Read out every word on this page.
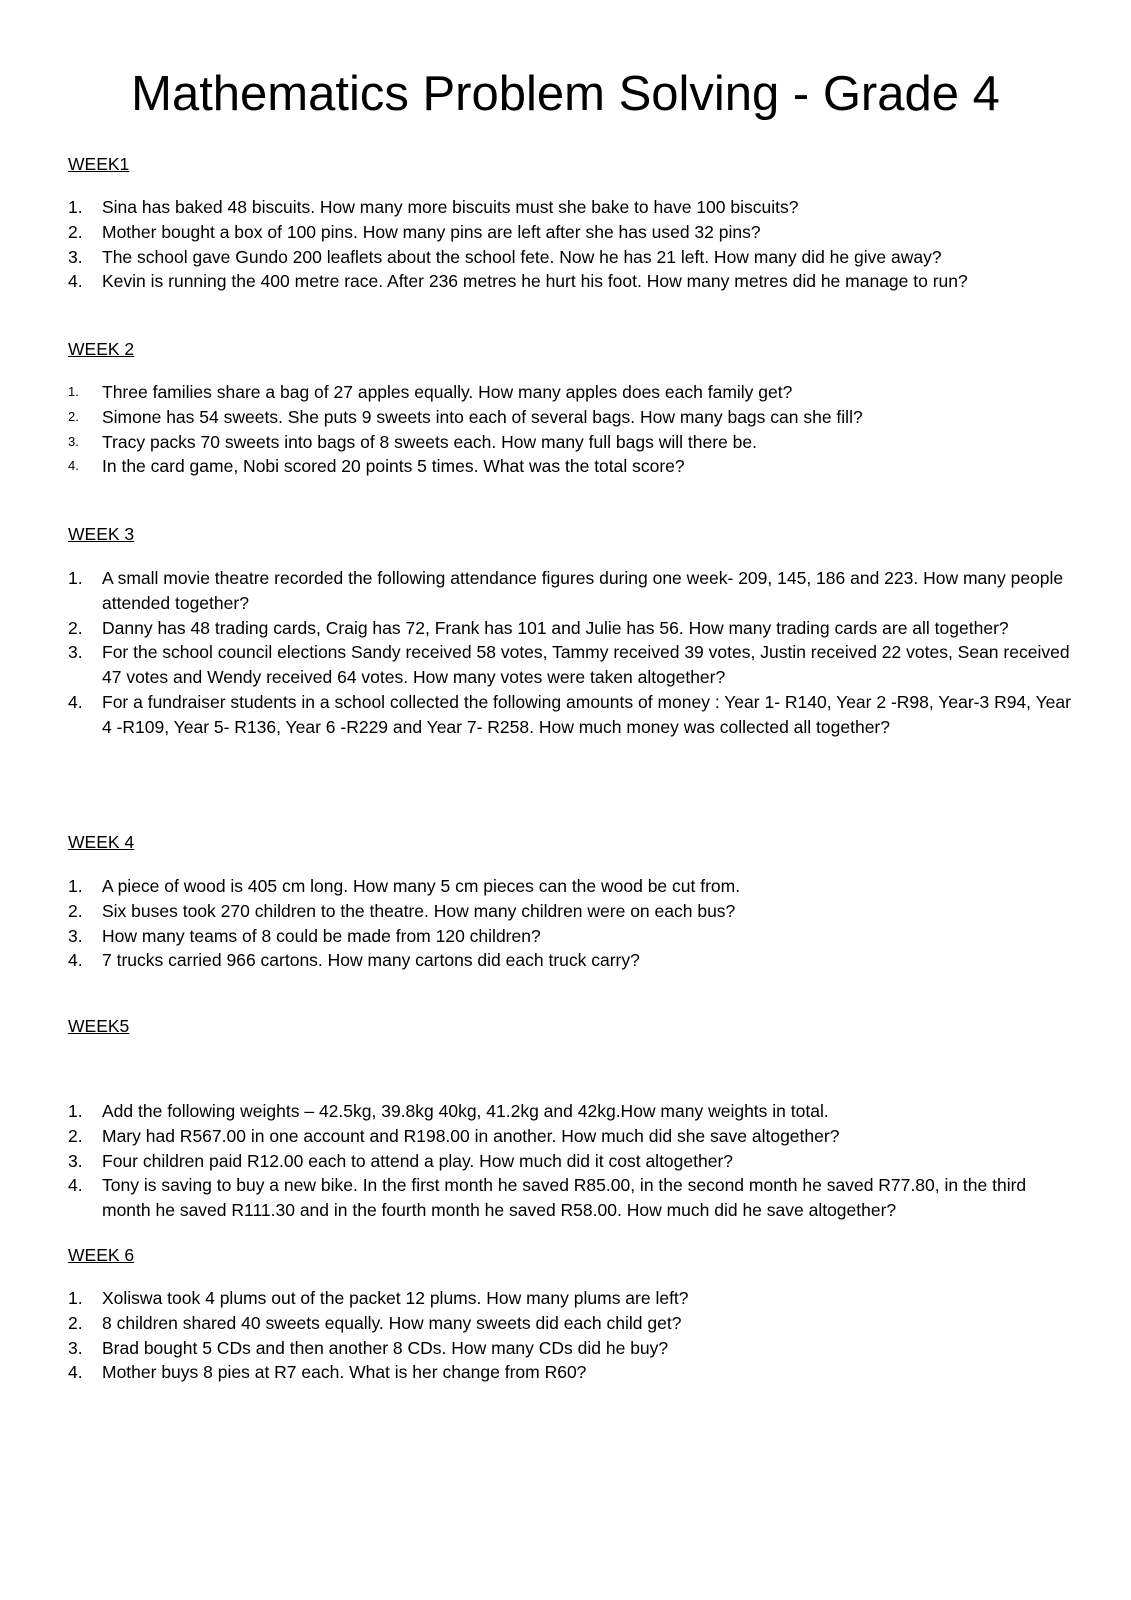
Mathematics Problem Solving - Grade 4

WEEK1

1. Sina has baked 48 biscuits. How many more biscuits must she bake to have 100 biscuits?
2. Mother bought a box of 100 pins. How many pins are left after she has used 32 pins?
3. The school gave Gundo 200 leaflets about the school fete. Now he has 21 left. How many did he give away?
4. Kevin is running the 400 metre race. After 236 metres he hurt his foot. How many metres did he manage to run?

WEEK 2

1. Three families share a bag of 27 apples equally. How many apples does each family get?
2. Simone has 54 sweets. She puts 9 sweets into each of several bags. How many bags can she fill?
3. Tracy packs 70 sweets into bags of 8 sweets each. How many full bags will there be.
4. In the card game, Nobi scored 20 points 5 times. What was the total score?

WEEK 3

1. A small movie theatre recorded the following attendance figures during one week- 209, 145, 186 and 223. How many people attended together?
2. Danny has 48 trading cards, Craig has 72, Frank has 101 and Julie has 56. How many trading cards are all together?
3. For the school council elections Sandy received 58 votes, Tammy received 39 votes, Justin received 22 votes, Sean received 47 votes and Wendy received 64 votes. How many votes were taken altogether?
4. For a fundraiser students in a school collected the following amounts of money : Year 1- R140, Year 2 -R98, Year-3 R94, Year 4 -R109, Year 5- R136, Year 6 -R229 and Year 7- R258. How much money was collected all together?

WEEK 4

1. A piece of wood is 405 cm long. How many 5 cm pieces can the wood be cut from.
2. Six buses took 270 children to the theatre. How many children were on each bus?
3. How many teams of 8 could be made from 120 children?
4. 7 trucks carried 966 cartons. How many cartons did each truck carry?

WEEK5

1. Add the following weights – 42.5kg, 39.8kg 40kg, 41.2kg and 42kg.How many weights in total.
2. Mary had R567.00 in one account and R198.00 in another. How much did she save altogether?
3. Four children paid R12.00 each to attend a play. How much did it cost altogether?
4. Tony is saving to buy a new bike. In the first month he saved R85.00, in the second month he saved R77.80, in the third month he saved R111.30 and in the fourth month he saved R58.00. How much did he save altogether?

WEEK 6

1. Xoliswa took 4 plums out of the packet 12 plums. How many plums are left?
2. 8 children shared 40 sweets equally. How many sweets did each child get?
3. Brad bought 5 CDs and then another 8 CDs. How many CDs did he buy?
4. Mother buys 8 pies at R7 each. What is her change from R60?
